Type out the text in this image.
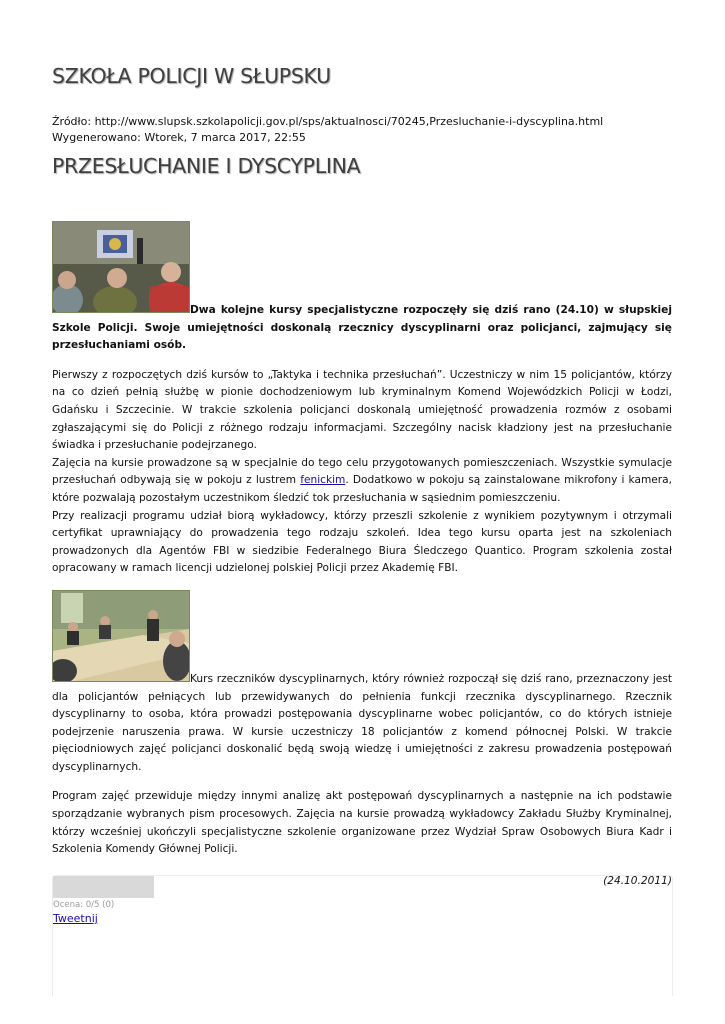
SZKOŁA POLICJI W SŁUPSKU
Źródło: http://www.slupsk.szkolapolicji.gov.pl/sps/aktualnosci/70245,Przesluchanie-i-dyscyplina.html
Wygenerowano: Wtorek, 7 marca 2017, 22:55
PRZESŁUCHANIE I DYSCYPLINA

Dwa kolejne kursy specjalistyczne rozpoczęły się dziś rano (24.10) w słupskiej Szkole Policji. Swoje umiejętności doskonalą rzecznicy dyscyplinarni oraz policjanci, zajmujący się przesłuchaniami osób.

Pierwszy z rozpoczętych dziś kursów to „Taktyka i technika przesłuchań”. Uczestniczy w nim 15 policjantów, którzy na co dzień pełnią służbę w pionie dochodzeniowym lub kryminalnym Komend Wojewódzkich Policji w Łodzi, Gdańsku i Szczecinie. W trakcie szkolenia policjanci doskonalą umiejętność prowadzenia rozmów z osobami zgłaszającymi się do Policji z różnego rodzaju informacjami. Szczególny nacisk kładziony jest na przesłuchanie świadka i przesłuchanie podejrzanego.

Zajęcia na kursie prowadzone są w specjalnie do tego celu przygotowanych pomieszczeniach. Wszystkie symulacje przesłuchań odbywają się w pokoju z lustrem fenickim. Dodatkowo w pokoju są zainstalowane mikrofony i kamera, które pozwalają pozostałym uczestnikom śledzić tok przesłuchania w sąsiednim pomieszczeniu.

Przy realizacji programu udział biorą wykładowcy, którzy przeszli szkolenie z wynikiem pozytywnym i otrzymali certyfikat uprawniający do prowadzenia tego rodzaju szkoleń. Idea tego kursu oparta jest na szkoleniach prowadzonych dla Agentów FBI w siedzibie Federalnego Biura Śledczego Quantico. Program szkolenia został opracowany w ramach licencji udzielonej polskiej Policji przez Akademię FBI.

Kurs rzeczników dyscyplinarnych, który również rozpoczął się dziś rano, przeznaczony jest dla policjantów pełniących lub przewidywanych do pełnienia funkcji rzecznika dyscyplinarnego. Rzecznik dyscyplinarny to osoba, która prowadzi postępowania dyscyplinarne wobec policjantów, co do których istnieje podejrzenie naruszenia prawa. W kursie uczestniczy 18 policjantów z komend północnej Polski. W trakcie pięciodniowych zajęć policjanci doskonalić będą swoją wiedzę i umiejętności z zakresu prowadzenia postępowań dyscyplinarnych.

Program zajęć przewiduje między innymi analizę akt postępowań dyscyplinarnych a następnie na ich podstawie sporządzanie wybranych pism procesowych. Zajęcia na kursie prowadzą wykładowcy Zakładu Służby Kryminalnej, którzy wcześniej ukończyli specjalistyczne szkolenie organizowane przez Wydział Spraw Osobowych Biura Kadr i Szkolenia Komendy Głównej Policji.

(24.10.2011)

Ocena: 0/5 (0)
Tweetnij
